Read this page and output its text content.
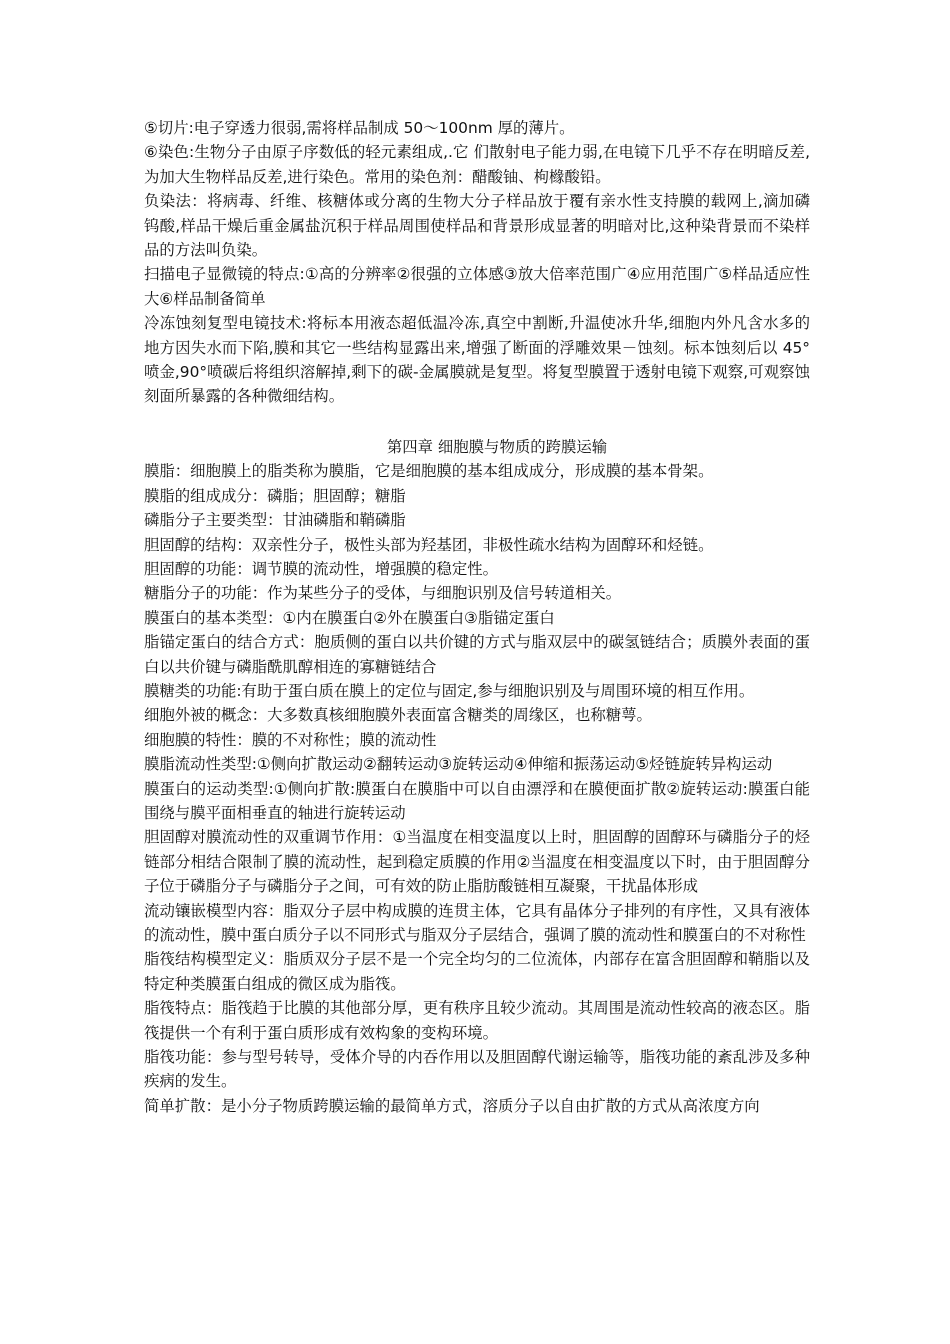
⑤切片:电子穿透力很弱,需将样品制成 50～100nm 厚的薄片。

⑥染色:生物分子由原子序数低的轻元素组成,.它 们散射电子能力弱,在电镜下几乎不存在明暗反差,为加大生物样品反差,进行染色。常用的染色剂：醋酸铀、枸橼酸铅。

负染法：将病毒、纤维、核糖体或分离的生物大分子样品放于覆有亲水性支持膜的载网上,滴加磷钨酸,样品干燥后重金属盐沉积于样品周围使样品和背景形成显著的明暗对比,这种染背景而不染样品的方法叫负染。

扫描电子显微镜的特点:①高的分辨率②很强的立体感③放大倍率范围广④应用范围广⑤样品适应性大⑥样品制备简单

冷冻蚀刻复型电镜技术:将标本用液态超低温冷冻,真空中割断,升温使冰升华,细胞内外凡含水多的地方因失水而下陷,膜和其它一些结构显露出来,增强了断面的浮雕效果－蚀刻。标本蚀刻后以 45°喷金,90°喷碳后将组织溶解掉,剩下的碳-金属膜就是复型。将复型膜置于透射电镜下观察,可观察蚀刻面所暴露的各种微细结构。

第四章 细胞膜与物质的跨膜运输

膜脂：细胞膜上的脂类称为膜脂，它是细胞膜的基本组成成分，形成膜的基本骨架。

膜脂的组成成分：磷脂；胆固醇；糖脂

磷脂分子主要类型：甘油磷脂和鞘磷脂

胆固醇的结构：双亲性分子，极性头部为羟基团，非极性疏水结构为固醇环和烃链。

胆固醇的功能：调节膜的流动性，增强膜的稳定性。

糖脂分子的功能：作为某些分子的受体，与细胞识别及信号转道相关。

膜蛋白的基本类型：①内在膜蛋白②外在膜蛋白③脂锚定蛋白

脂锚定蛋白的结合方式：胞质侧的蛋白以共价键的方式与脂双层中的碳氢链结合；质膜外表面的蛋白以共价键与磷脂酰肌醇相连的寡糖链结合

膜糖类的功能:有助于蛋白质在膜上的定位与固定,参与细胞识别及与周围环境的相互作用。

细胞外被的概念：大多数真核细胞膜外表面富含糖类的周缘区，也称糖萼。

细胞膜的特性：膜的不对称性；膜的流动性

膜脂流动性类型:①侧向扩散运动②翻转运动③旋转运动④伸缩和振荡运动⑤烃链旋转异构运动

膜蛋白的运动类型:①侧向扩散:膜蛋白在膜脂中可以自由漂浮和在膜便面扩散②旋转运动:膜蛋白能围绕与膜平面相垂直的轴进行旋转运动

胆固醇对膜流动性的双重调节作用：①当温度在相变温度以上时，胆固醇的固醇环与磷脂分子的烃链部分相结合限制了膜的流动性，起到稳定质膜的作用②当温度在相变温度以下时，由于胆固醇分子位于磷脂分子与磷脂分子之间，可有效的防止脂肪酸链相互凝聚，干扰晶体形成

流动镶嵌模型内容：脂双分子层中构成膜的连贯主体，它具有晶体分子排列的有序性，又具有液体的流动性，膜中蛋白质分子以不同形式与脂双分子层结合，强调了膜的流动性和膜蛋白的不对称性

脂筏结构模型定义：脂质双分子层不是一个完全均匀的二位流体，内部存在富含胆固醇和鞘脂以及特定种类膜蛋白组成的微区成为脂筏。

脂筏特点：脂筏趋于比膜的其他部分厚，更有秩序且较少流动。其周围是流动性较高的液态区。脂筏提供一个有利于蛋白质形成有效构象的变构环境。

脂筏功能：参与型号转导，受体介导的内吞作用以及胆固醇代谢运输等，脂筏功能的紊乱涉及多种疾病的发生。

简单扩散：是小分子物质跨膜运输的最简单方式，溶质分子以自由扩散的方式从高浓度方向
